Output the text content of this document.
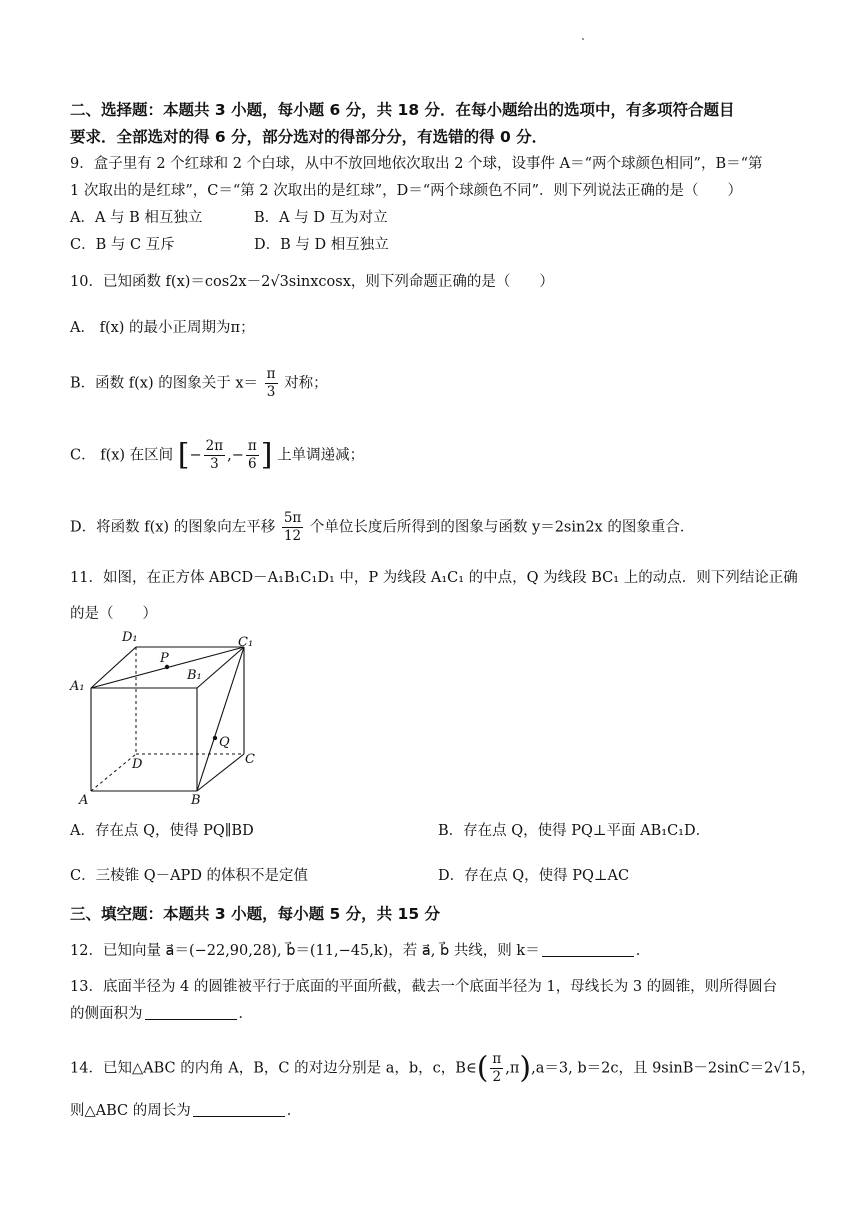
二、选择题：本题共 3 小题，每小题 6 分，共 18 分．在每小题给出的选项中，有多项符合题目
要求．全部选对的得 6 分，部分选对的得部分分，有选错的得 0 分．
9．盒子里有 2 个红球和 2 个白球，从中不放回地依次取出 2 个球，设事件 A＝“两个球颜色相同”，B＝“第
1 次取出的是红球”，C＝“第 2 次取出的是红球”，D＝“两个球颜色不同”．则下列说法正确的是（　　）
A．A 与 B 相互独立	B．A 与 D 互为对立
C．B 与 C 互斥	D．B 与 D 相互独立
10．已知函数 f(x)＝cos2x－2√3sinxcosx，则下列命题正确的是（　　）
A． f(x) 的最小正周期为π；
B．函数 f(x) 的图象关于 $x= \frac{\pi}{3}$ 对称；
C． f(x) 在区间 [− $\frac{2\pi}{3}$ ,− $\frac{\pi}{6}$ ] 上单调递减；
D．将函数 f(x) 的图象向左平移 $\frac{5\pi}{12}$ 个单位长度后所得到的图象与函数 y＝2sin2x 的图象重合．
11．如图，在正方体 ABCD－A₁B₁C₁D₁ 中，P 为线段 A₁C₁ 的中点，Q 为线段 BC₁ 上的动点．则下列结论正确
的是（　　）
D₁	C₁
P
B₁
A₁
Q
D	C
A	B
A．存在点 Q，使得 PQ∥BD	B．存在点 Q，使得 PQ⊥平面 AB₁C₁D．
C．三棱锥 Q－APD 的体积不是定值	D．存在点 Q，使得 PQ⊥AC
三、填空题：本题共 3 小题，每小题 5 分，共 15 分
12．已知向量 a⃗＝(−22,90,28), b⃗＝(11,−45,k)，若 a⃗, b⃗ 共线，则 k＝	．
13．底面半径为 4 的圆锥被平行于底面的平面所截，截去一个底面半径为 1，母线长为 3 的圆锥，则所得圆台
的侧面积为	．
14．已知△ABC 的内角 A，B，C 的对边分别是 a，b，c，B∈( $\frac{\pi}{2} ,\pi),a=3$, b＝2c，且 9sinB－2sinC＝2√15，
则△ABC 的周长为	．
